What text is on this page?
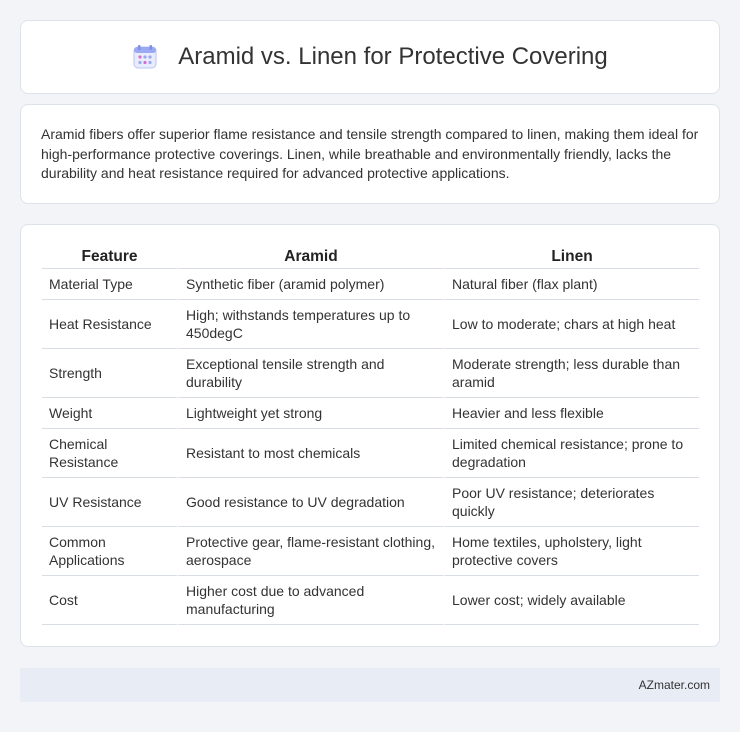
Aramid vs. Linen for Protective Covering

Aramid fibers offer superior flame resistance and tensile strength compared to linen, making them ideal for high-performance protective coverings. Linen, while breathable and environmentally friendly, lacks the durability and heat resistance required for advanced protective applications.

Feature	Aramid	Linen
Material Type	Synthetic fiber (aramid polymer)	Natural fiber (flax plant)
Heat Resistance	High; withstands temperatures up to 450degC	Low to moderate; chars at high heat
Strength	Exceptional tensile strength and durability	Moderate strength; less durable than aramid
Weight	Lightweight yet strong	Heavier and less flexible
Chemical Resistance	Resistant to most chemicals	Limited chemical resistance; prone to degradation
UV Resistance	Good resistance to UV degradation	Poor UV resistance; deteriorates quickly
Common Applications	Protective gear, flame-resistant clothing, aerospace	Home textiles, upholstery, light protective covers
Cost	Higher cost due to advanced manufacturing	Lower cost; widely available
AZmater.com
